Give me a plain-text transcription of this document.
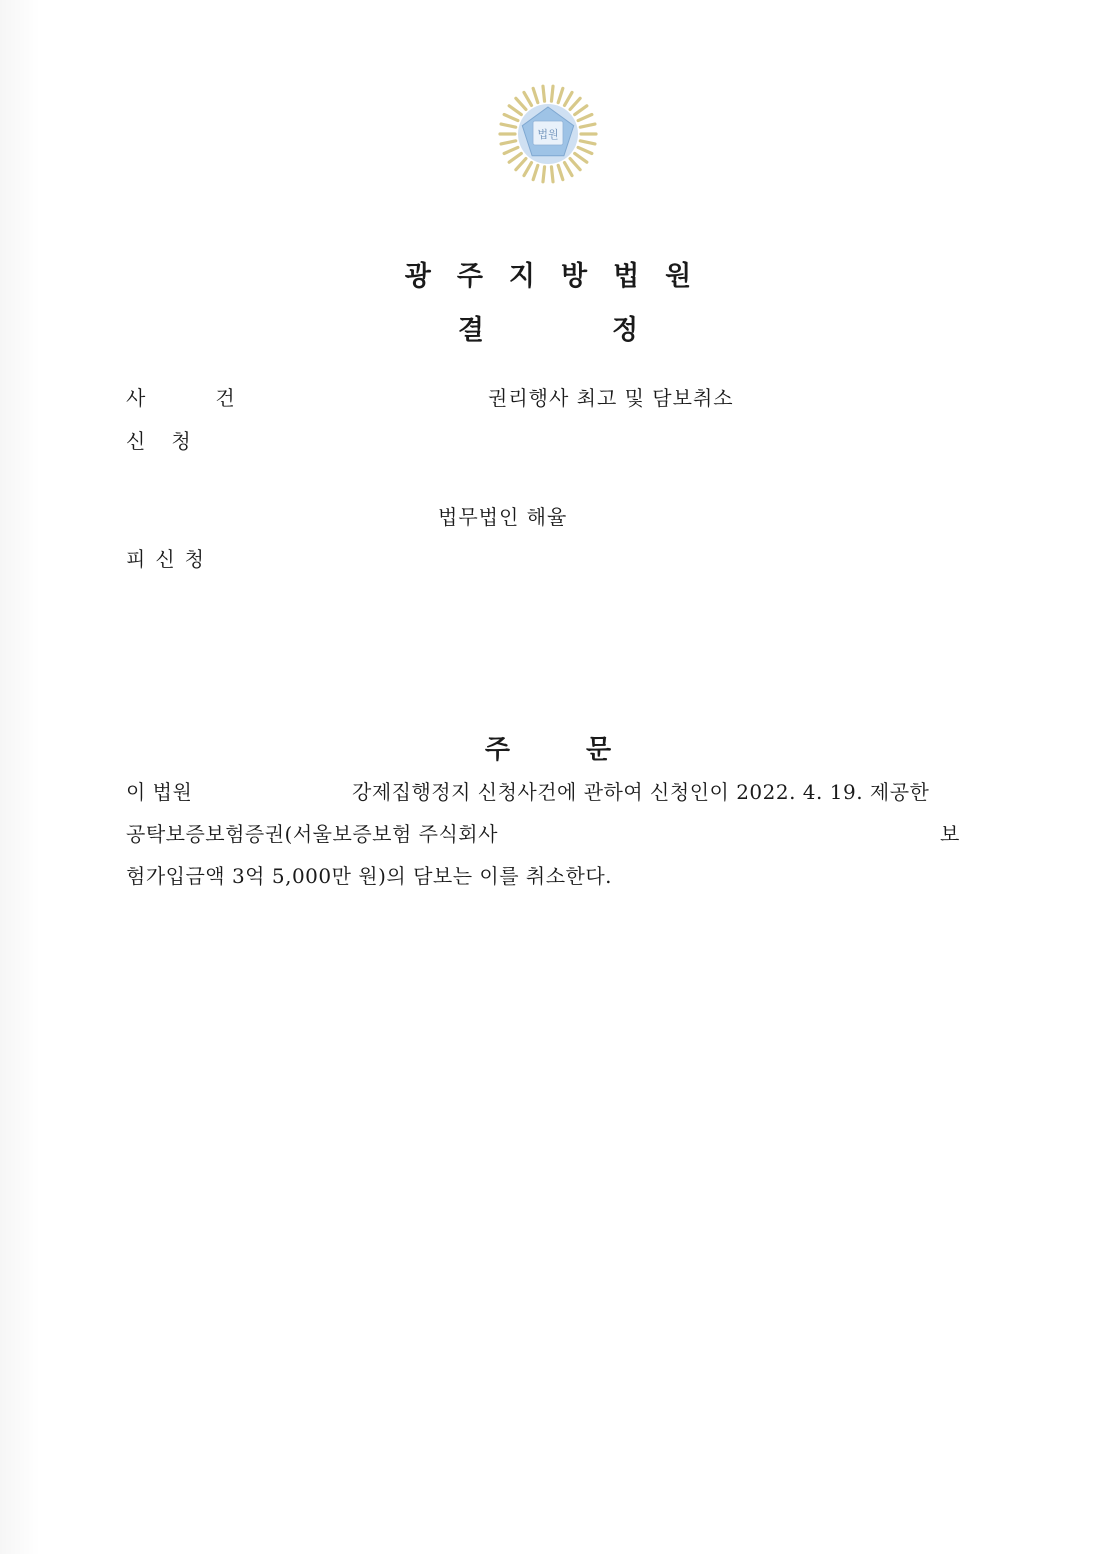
법원
광주지방법원
결정
사	건	권리행사 최고 및 담보취소
신청
법무법인 해율
피신청
주문
이 법원	강제집행정지 신청사건에 관하여 신청인이 2022. 4. 19. 제공한
공탁보증보험증권(서울보증보험 주식회사	보
험가입금액 3억 5,000만 원)의 담보는 이를 취소한다.
